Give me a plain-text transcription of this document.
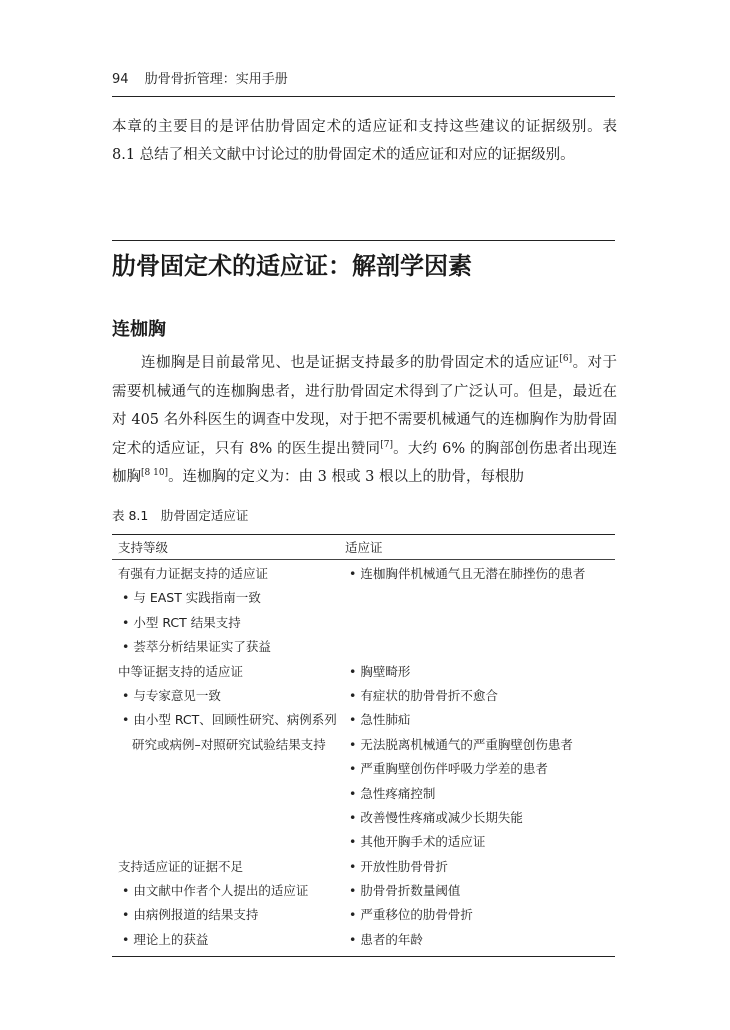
94 肋骨骨折管理：实用手册

本章的主要目的是评估肋骨固定术的适应证和支持这些建议的证据级别。表 8.1 总结了相关文献中讨论过的肋骨固定术的适应证和对应的证据级别。

肋骨固定术的适应证：解剖学因素
连枷胸

连枷胸是目前最常见、也是证据支持最多的肋骨固定术的适应证[6]。对于需要机械通气的连枷胸患者，进行肋骨固定术得到了广泛认可。但是，最近在对 405 名外科医生的调查中发现，对于把不需要机械通气的连枷胸作为肋骨固定术的适应证，只有 8% 的医生提出赞同[7]。大约 6% 的胸部创伤患者出现连枷胸[8 10]。连枷胸的定义为：由 3 根或 3 根以上的肋骨，每根肋

表 8.1　肋骨固定适应证

支持等级	适应证
有强有力证据支持的适应证
• 与 EAST 实践指南一致
• 小型 RCT 结果支持
• 荟萃分析结果证实了获益
中等证据支持的适应证
• 与专家意见一致
• 由小型 RCT、回顾性研究、病例系列
研究或病例–对照研究试验结果支持
支持适应证的证据不足
• 由文献中作者个人提出的适应证
• 由病例报道的结果支持
• 理论上的获益
• 连枷胸伴机械通气且无潜在肺挫伤的患者
• 胸壁畸形
• 有症状的肋骨骨折不愈合
• 急性肺疝
• 无法脱离机械通气的严重胸壁创伤患者
• 严重胸壁创伤伴呼吸力学差的患者
• 急性疼痛控制
• 改善慢性疼痛或减少长期失能
• 其他开胸手术的适应证
• 开放性肋骨骨折
• 肋骨骨折数量阈值
• 严重移位的肋骨骨折
• 患者的年龄
